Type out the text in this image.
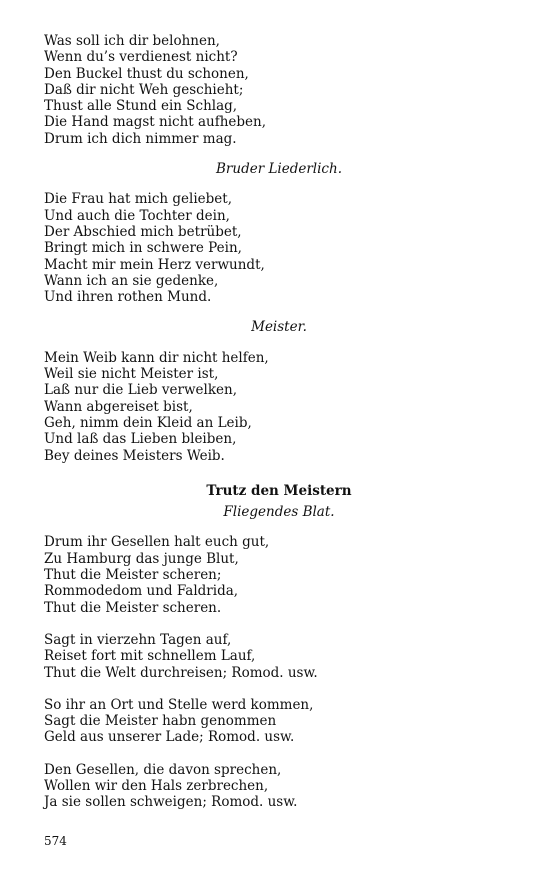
Was soll ich dir belohnen,
Wenn du’s verdienest nicht?
Den Buckel thust du schonen,
Daß dir nicht Weh geschieht;
Thust alle Stund ein Schlag,
Die Hand magst nicht aufheben,
Drum ich dich nimmer mag.
Bruder Liederlich.
Die Frau hat mich geliebet,
Und auch die Tochter dein,
Der Abschied mich betrübet,
Bringt mich in schwere Pein,
Macht mir mein Herz verwundt,
Wann ich an sie gedenke,
Und ihren rothen Mund.
Meister.
Mein Weib kann dir nicht helfen,
Weil sie nicht Meister ist,
Laß nur die Lieb verwelken,
Wann abgereiset bist,
Geh, nimm dein Kleid an Leib,
Und laß das Lieben bleiben,
Bey deines Meisters Weib.
Trutz den Meistern
Fliegendes Blat.
Drum ihr Gesellen halt euch gut,
Zu Hamburg das junge Blut,
Thut die Meister scheren;
Rommodedom und Faldrida,
Thut die Meister scheren.
Sagt in vierzehn Tagen auf,
Reiset fort mit schnellem Lauf,
Thut die Welt durchreisen; Romod. usw.
So ihr an Ort und Stelle werd kommen,
Sagt die Meister habn genommen
Geld aus unserer Lade; Romod. usw.
Den Gesellen, die davon sprechen,
Wollen wir den Hals zerbrechen,
Ja sie sollen schweigen; Romod. usw.
574
